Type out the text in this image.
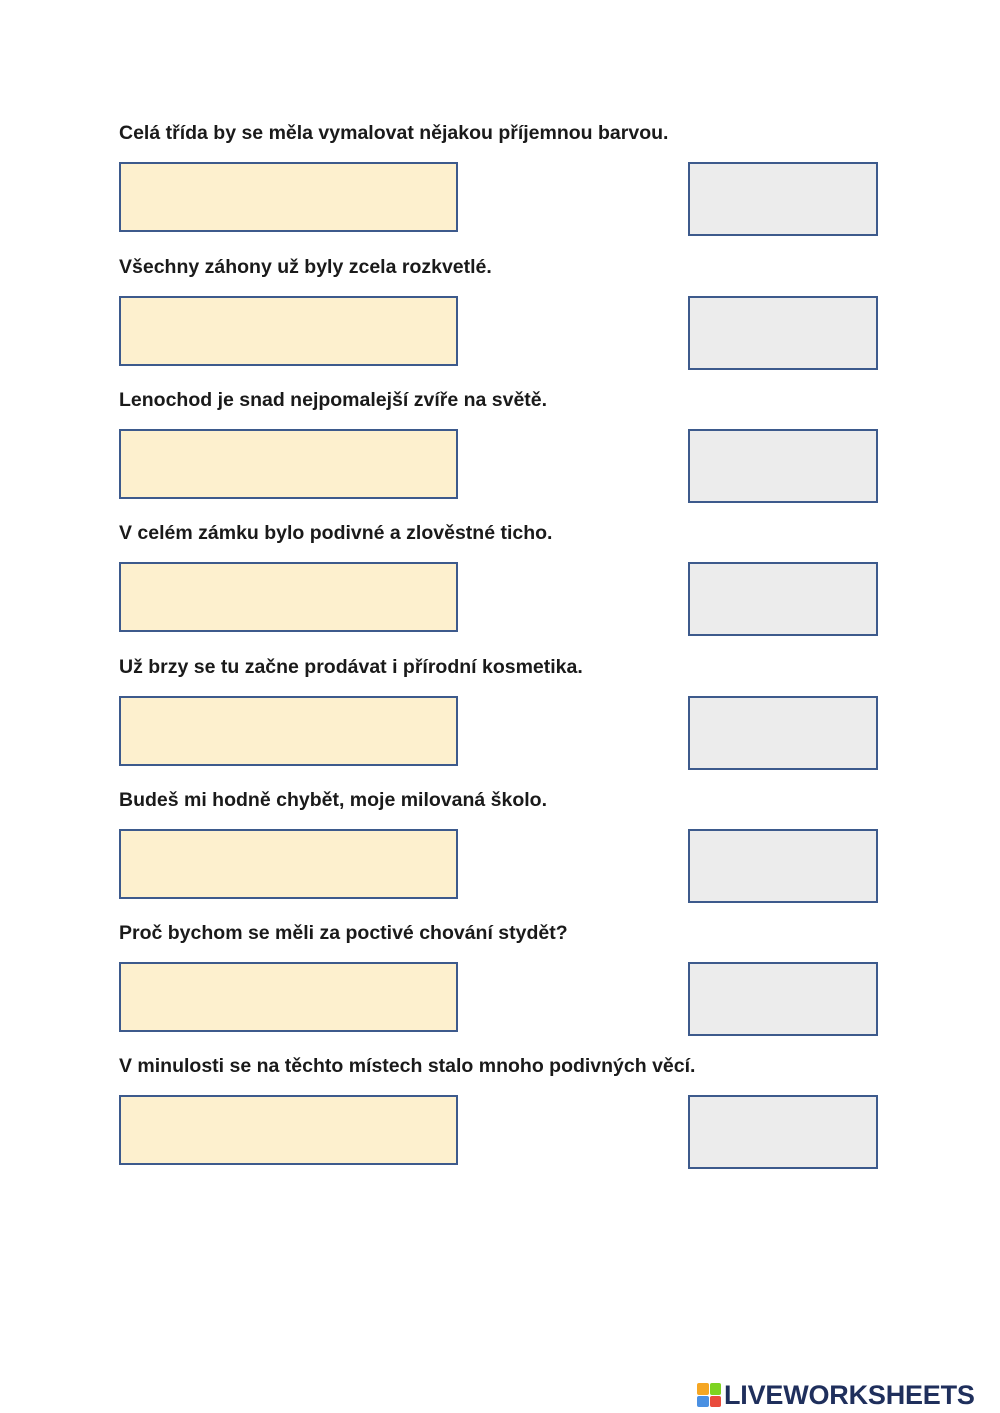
Celá třída by se měla vymalovat nějakou příjemnou barvou.
Všechny záhony už byly zcela rozkvetlé.
Lenochod je snad nejpomalejší zvíře na světě.
V celém zámku bylo podivné a zlověstné ticho.
Už brzy se tu začne prodávat i přírodní kosmetika.
Budeš mi hodně chybět, moje milovaná školo.
Proč bychom se měli za poctivé chování stydět?
V minulosti se na těchto místech stalo mnoho podivných věcí.
LIVEWORKSHEETS
